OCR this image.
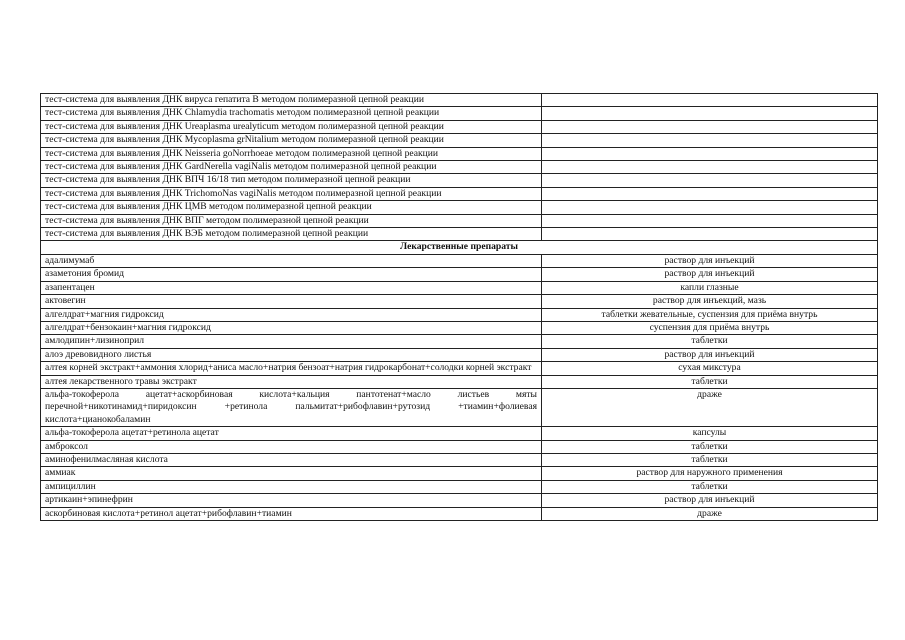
тест-система для выявления ДНК вируса гепатита В методом полимеразной цепной реакции	
тест-система для выявления ДНК Chlamydia trachomatis методом полимеразной цепной реакции	
тест-система для выявления ДНК Ureaplasma urealyticum методом полимеразной цепной реакции	
тест-система для выявления ДНК Mycoplasma grNitalium методом полимеразной цепной реакции	
тест-система для выявления ДНК Neisseria goNorrhoeae методом полимеразной цепной реакции	
тест-система для выявления ДНК GardNerella vagiNalis методом полимеразной цепной реакции	
тест-система для выявления ДНК ВПЧ 16/18 тип методом полимеразной цепной реакции	
тест-система для выявления ДНК TrichomoNas vagiNalis методом полимеразной цепной реакции	
тест-система для выявления ДНК ЦМВ методом полимеразной цепной реакции	
тест-система для выявления ДНК ВПГ методом полимеразной цепной реакции	
тест-система для выявления ДНК ВЭБ методом полимеразной цепной реакции	
Лекарственные препараты	
адалимумаб	раствор для инъекций
азаметония бромид	раствор для инъекций
азапентацен	капли глазные
актовегин	раствор для инъекций, мазь
алгелдрат+магния гидроксид	таблетки жевательные, суспензия для приёма внутрь
алгелдрат+бензокаин+магния гидроксид	суспензия для приёма внутрь
амлодипин+лизиноприл	таблетки
алоэ древовидного листья	раствор для инъекций
алтея корней экстракт+аммония хлорид+аниса масло+натрия бензоат+натрия гидрокарбонат+солодки корней экстракт	сухая микстура
алтея лекарственного травы экстракт	таблетки
альфа-токоферола ацетат+аскорбиновая кислота+кальция пантотенат+масло листьев мяты перечной+никотинамид+пиридоксин +ретинола пальмитат+рибофлавин+рутозид +тиамин+фолиевая кислота+цианокобаламин	драже
альфа-токоферола ацетат+ретинола ацетат	капсулы
амброксол	таблетки
аминофенилмасляная кислота	таблетки
аммиак	раствор для наружного применения
ампициллин	таблетки
артикаин+эпинефрин	раствор для инъекций
аскорбиновая кислота+ретинол ацетат+рибофлавин+тиамин	драже
